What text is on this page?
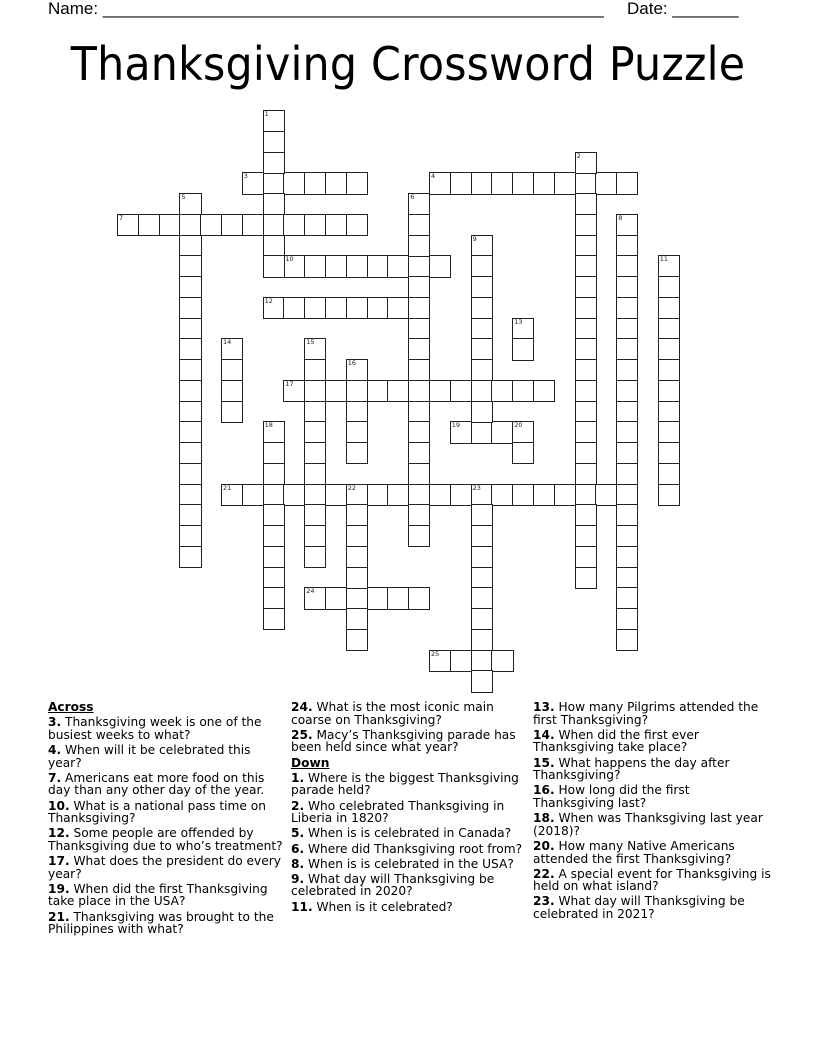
Name: _____________________________________________________ Date: _______
Thanksgiving Crossword Puzzle
3	4
7
10
12
17
19	20
21	22	23
24
25
1
2
5	6
8
9
11
13
14	15
16
18
Across
3. Thanksgiving week is one of the busiest weeks to what?
4. When will it be celebrated this year?
7. Americans eat more food on this day than any other day of the year.
10. What is a national pass time on Thanksgiving?
12. Some people are offended by Thanksgiving due to who’s treatment?
17. What does the president do every year?
19. When did the first Thanksgiving take place in the USA?
21. Thanksgiving was brought to the Philippines with what?
24. What is the most iconic main coarse on Thanksgiving?
25. Macy’s Thanksgiving parade has been held since what year?
Down
1. Where is the biggest Thanksgiving parade held?
2. Who celebrated Thanksgiving in Liberia in 1820?
5. When is is celebrated in Canada?
6. Where did Thanksgiving root from?
8. When is is celebrated in the USA?
9. What day will Thanksgiving be celebrated in 2020?
11. When is it celebrated?
13. How many Pilgrims attended the first Thanksgiving?
14. When did the first ever Thanksgiving take place?
15. What happens the day after Thanksgiving?
16. How long did the first Thanksgiving last?
18. When was Thanksgiving last year (2018)?
20. How many Native Americans attended the first Thanksgiving?
22. A special event for Thanksgiving is held on what island?
23. What day will Thanksgiving be celebrated in 2021?
